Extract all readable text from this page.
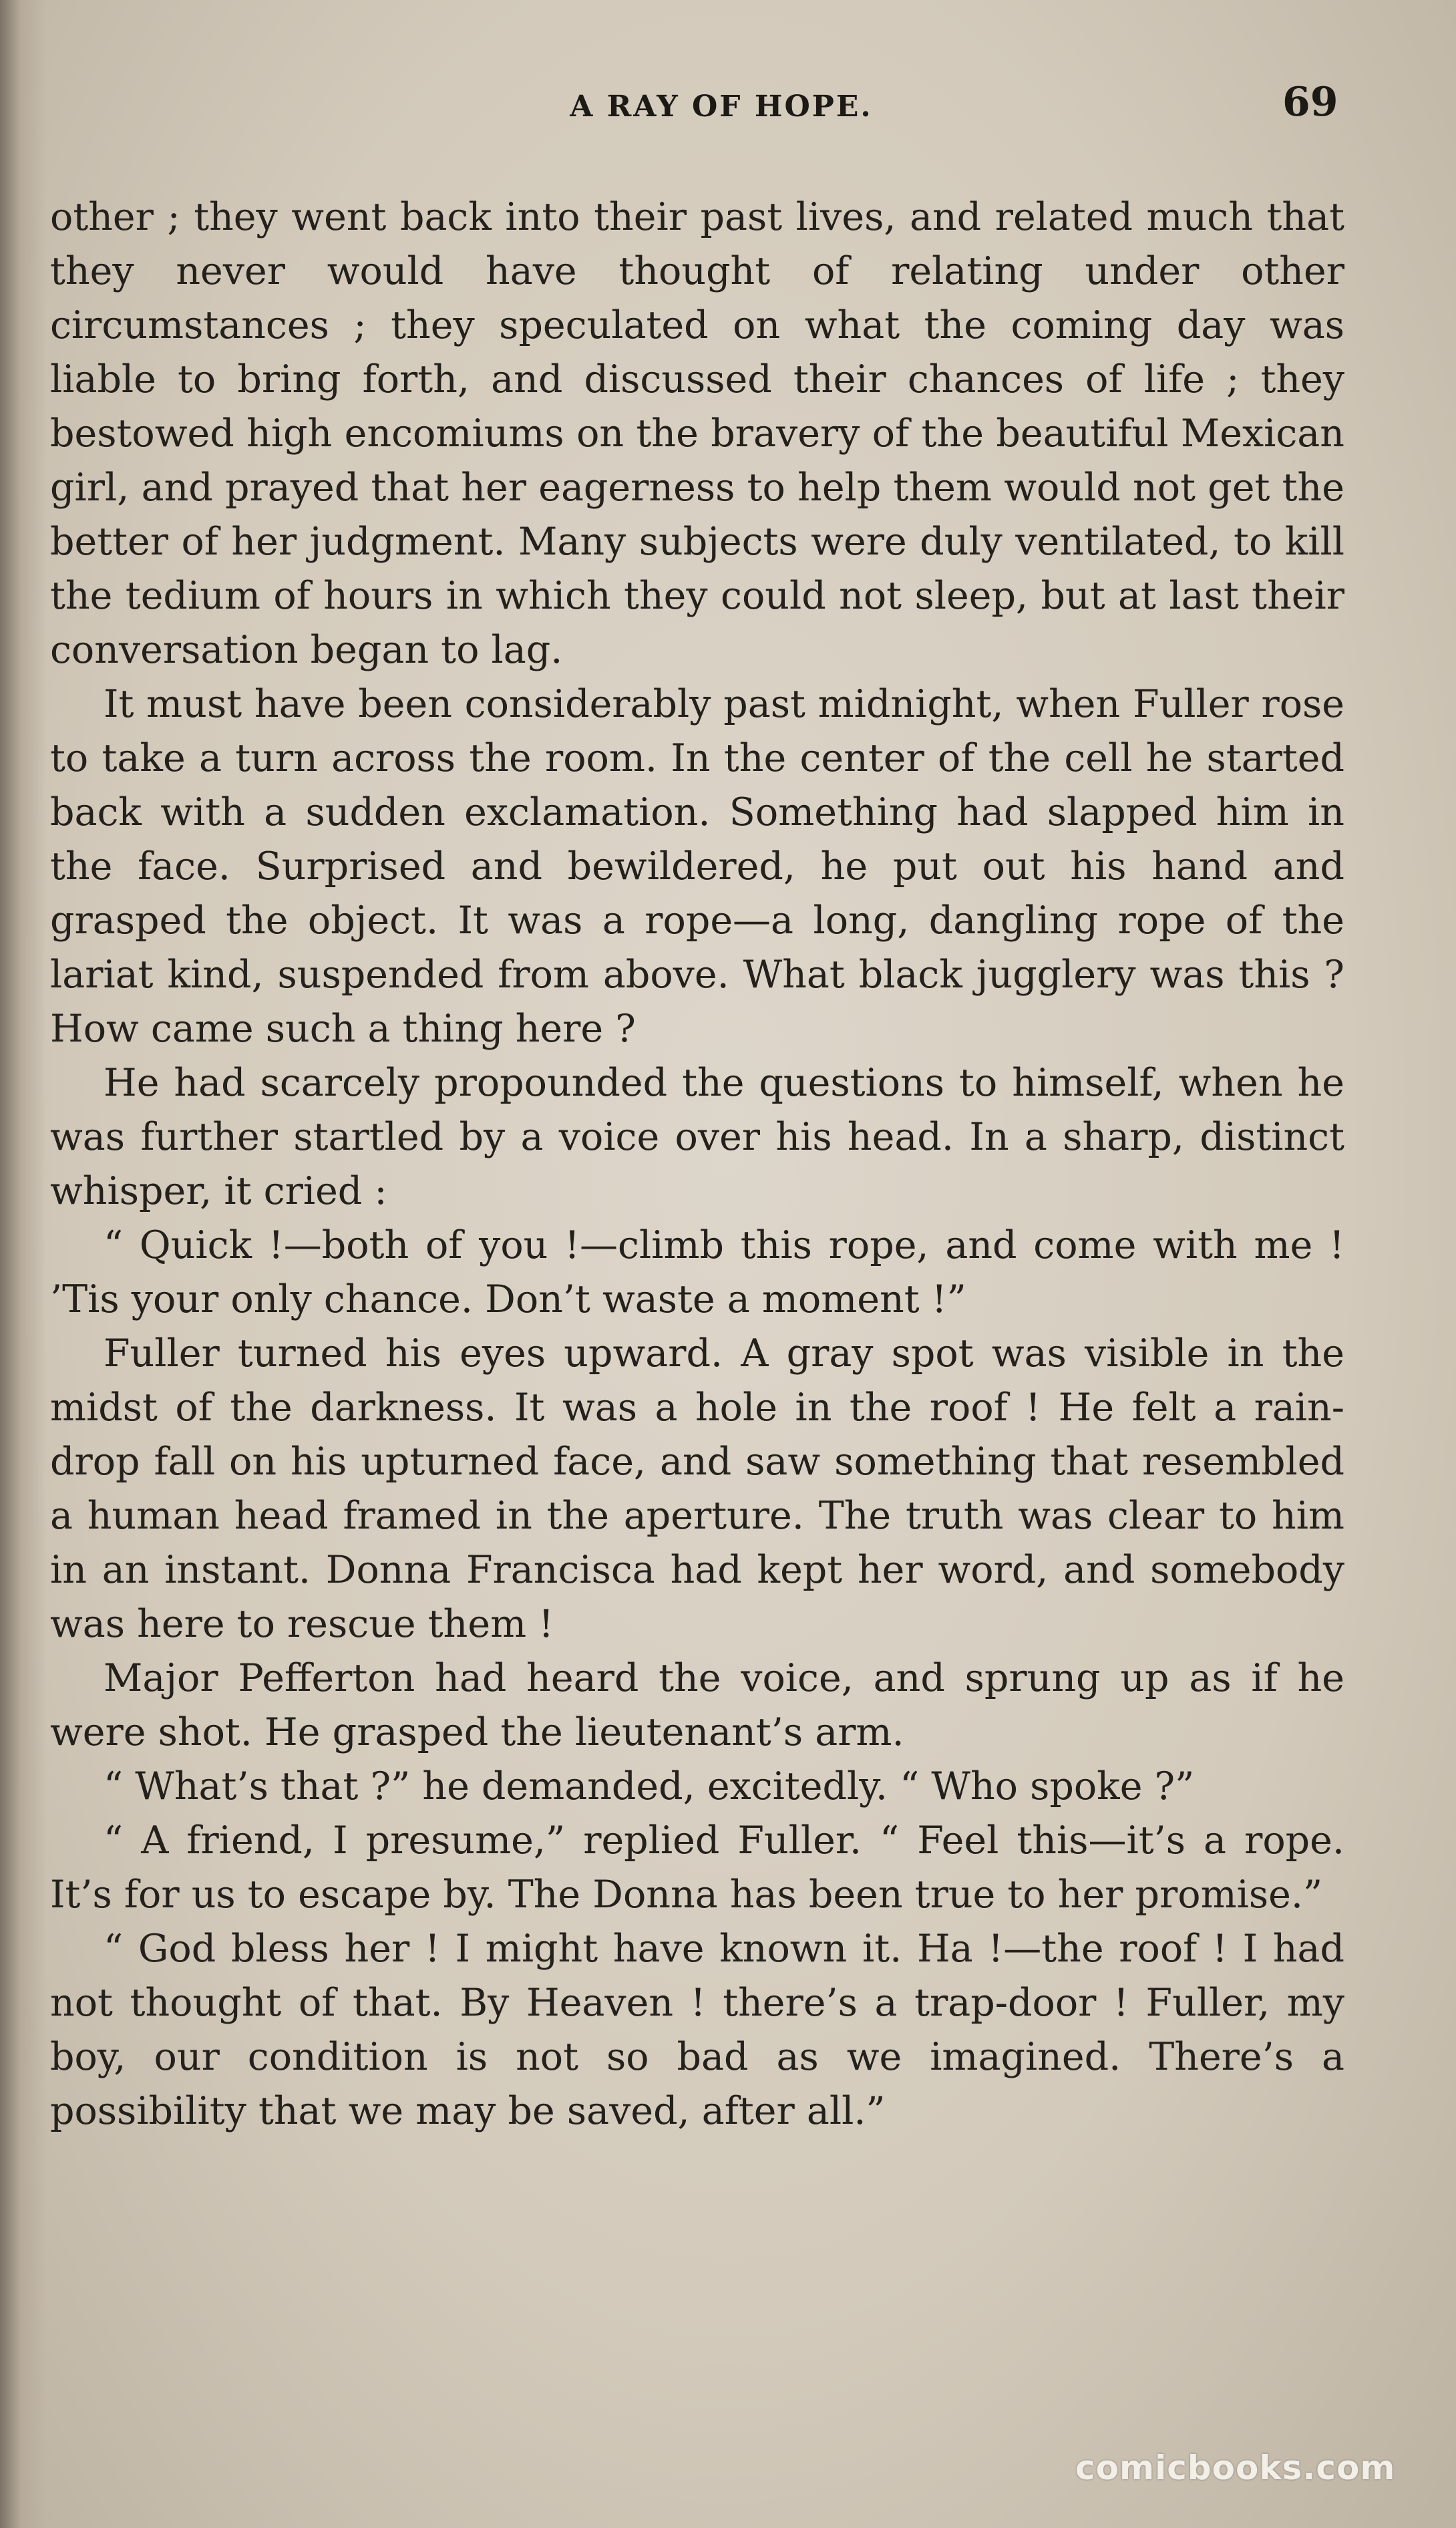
A RAY OF HOPE.	69

other ; they went back into their past lives, and related much that they never would have thought of relating under other circumstances ; they speculated on what the coming day was liable to bring forth, and discussed their chances of life ; they bestowed high encomiums on the bravery of the beautiful Mexican girl, and prayed that her eagerness to help them would not get the better of her judgment. Many subjects were duly ventilated, to kill the tedium of hours in which they could not sleep, but at last their conversation began to lag.

It must have been considerably past midnight, when Fuller rose to take a turn across the room. In the center of the cell he started back with a sudden exclamation. Something had slapped him in the face. Surprised and bewildered, he put out his hand and grasped the object. It was a rope—a long, dangling rope of the lariat kind, suspended from above. What black jugglery was this ? How came such a thing here ?

He had scarcely propounded the questions to himself, when he was further startled by a voice over his head. In a sharp, distinct whisper, it cried :

“ Quick !—both of you !—climb this rope, and come with me ! ’Tis your only chance. Don’t waste a moment !”

Fuller turned his eyes upward. A gray spot was visible in the midst of the darkness. It was a hole in the roof ! He felt a rain-drop fall on his upturned face, and saw something that resembled a human head framed in the aperture. The truth was clear to him in an instant. Donna Francisca had kept her word, and somebody was here to rescue them !

Major Pefferton had heard the voice, and sprung up as if he were shot. He grasped the lieutenant’s arm.

“ What’s that ?” he demanded, excitedly. “ Who spoke ?”

“ A friend, I presume,” replied Fuller. “ Feel this—it’s a rope. It’s for us to escape by. The Donna has been true to her promise.”

“ God bless her ! I might have known it. Ha !—the roof ! I had not thought of that. By Heaven ! there’s a trap-door ! Fuller, my boy, our condition is not so bad as we imagined. There’s a possibility that we may be saved, after all.”

comicbooks.com
